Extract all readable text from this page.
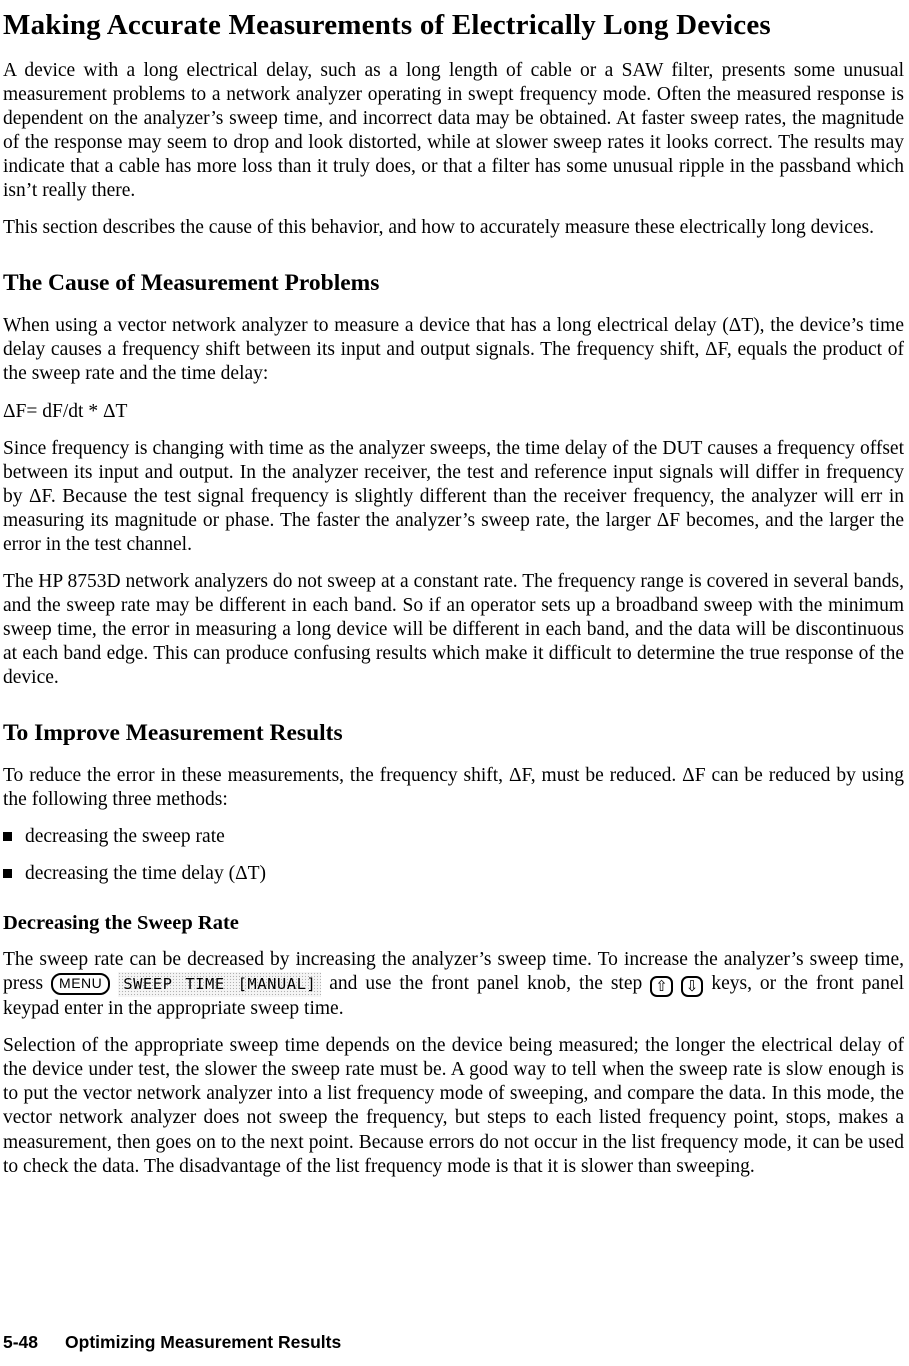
Making Accurate Measurements of Electrically Long Devices

A device with a long electrical delay, such as a long length of cable or a SAW filter, presents some unusual measurement problems to a network analyzer operating in swept frequency mode. Often the measured response is dependent on the analyzer’s sweep time, and incorrect data may be obtained. At faster sweep rates, the magnitude of the response may seem to drop and look distorted, while at slower sweep rates it looks correct. The results may indicate that a cable has more loss than it truly does, or that a filter has some unusual ripple in the passband which isn’t really there.

This section describes the cause of this behavior, and how to accurately measure these electrically long devices.

The Cause of Measurement Problems

When using a vector network analyzer to measure a device that has a long electrical delay (ΔT), the device’s time delay causes a frequency shift between its input and output signals. The frequency shift, ΔF, equals the product of the sweep rate and the time delay:

ΔF= dF/dt * ΔT

Since frequency is changing with time as the analyzer sweeps, the time delay of the DUT causes a frequency offset between its input and output. In the analyzer receiver, the test and reference input signals will differ in frequency by ΔF. Because the test signal frequency is slightly different than the receiver frequency, the analyzer will err in measuring its magnitude or phase. The faster the analyzer’s sweep rate, the larger ΔF becomes, and the larger the error in the test channel.

The HP 8753D network analyzers do not sweep at a constant rate. The frequency range is covered in several bands, and the sweep rate may be different in each band. So if an operator sets up a broadband sweep with the minimum sweep time, the error in measuring a long device will be different in each band, and the data will be discontinuous at each band edge. This can produce confusing results which make it difficult to determine the true response of the device.

To Improve Measurement Results

To reduce the error in these measurements, the frequency shift, ΔF, must be reduced. ΔF can be reduced by using the following three methods:

decreasing the sweep rate
decreasing the time delay (ΔT)
Decreasing the Sweep Rate

The sweep rate can be decreased by increasing the analyzer’s sweep time. To increase the analyzer’s sweep time, press MENU SWEEP TIME [MANUAL] and use the front panel knob, the step ⇧ ⇩ keys, or the front panel keypad enter in the appropriate sweep time.

Selection of the appropriate sweep time depends on the device being measured; the longer the electrical delay of the device under test, the slower the sweep rate must be. A good way to tell when the sweep rate is slow enough is to put the vector network analyzer into a list frequency mode of sweeping, and compare the data. In this mode, the vector network analyzer does not sweep the frequency, but steps to each listed frequency point, stops, makes a measurement, then goes on to the next point. Because errors do not occur in the list frequency mode, it can be used to check the data. The disadvantage of the list frequency mode is that it is slower than sweeping.

5-48 Optimizing Measurement Results
